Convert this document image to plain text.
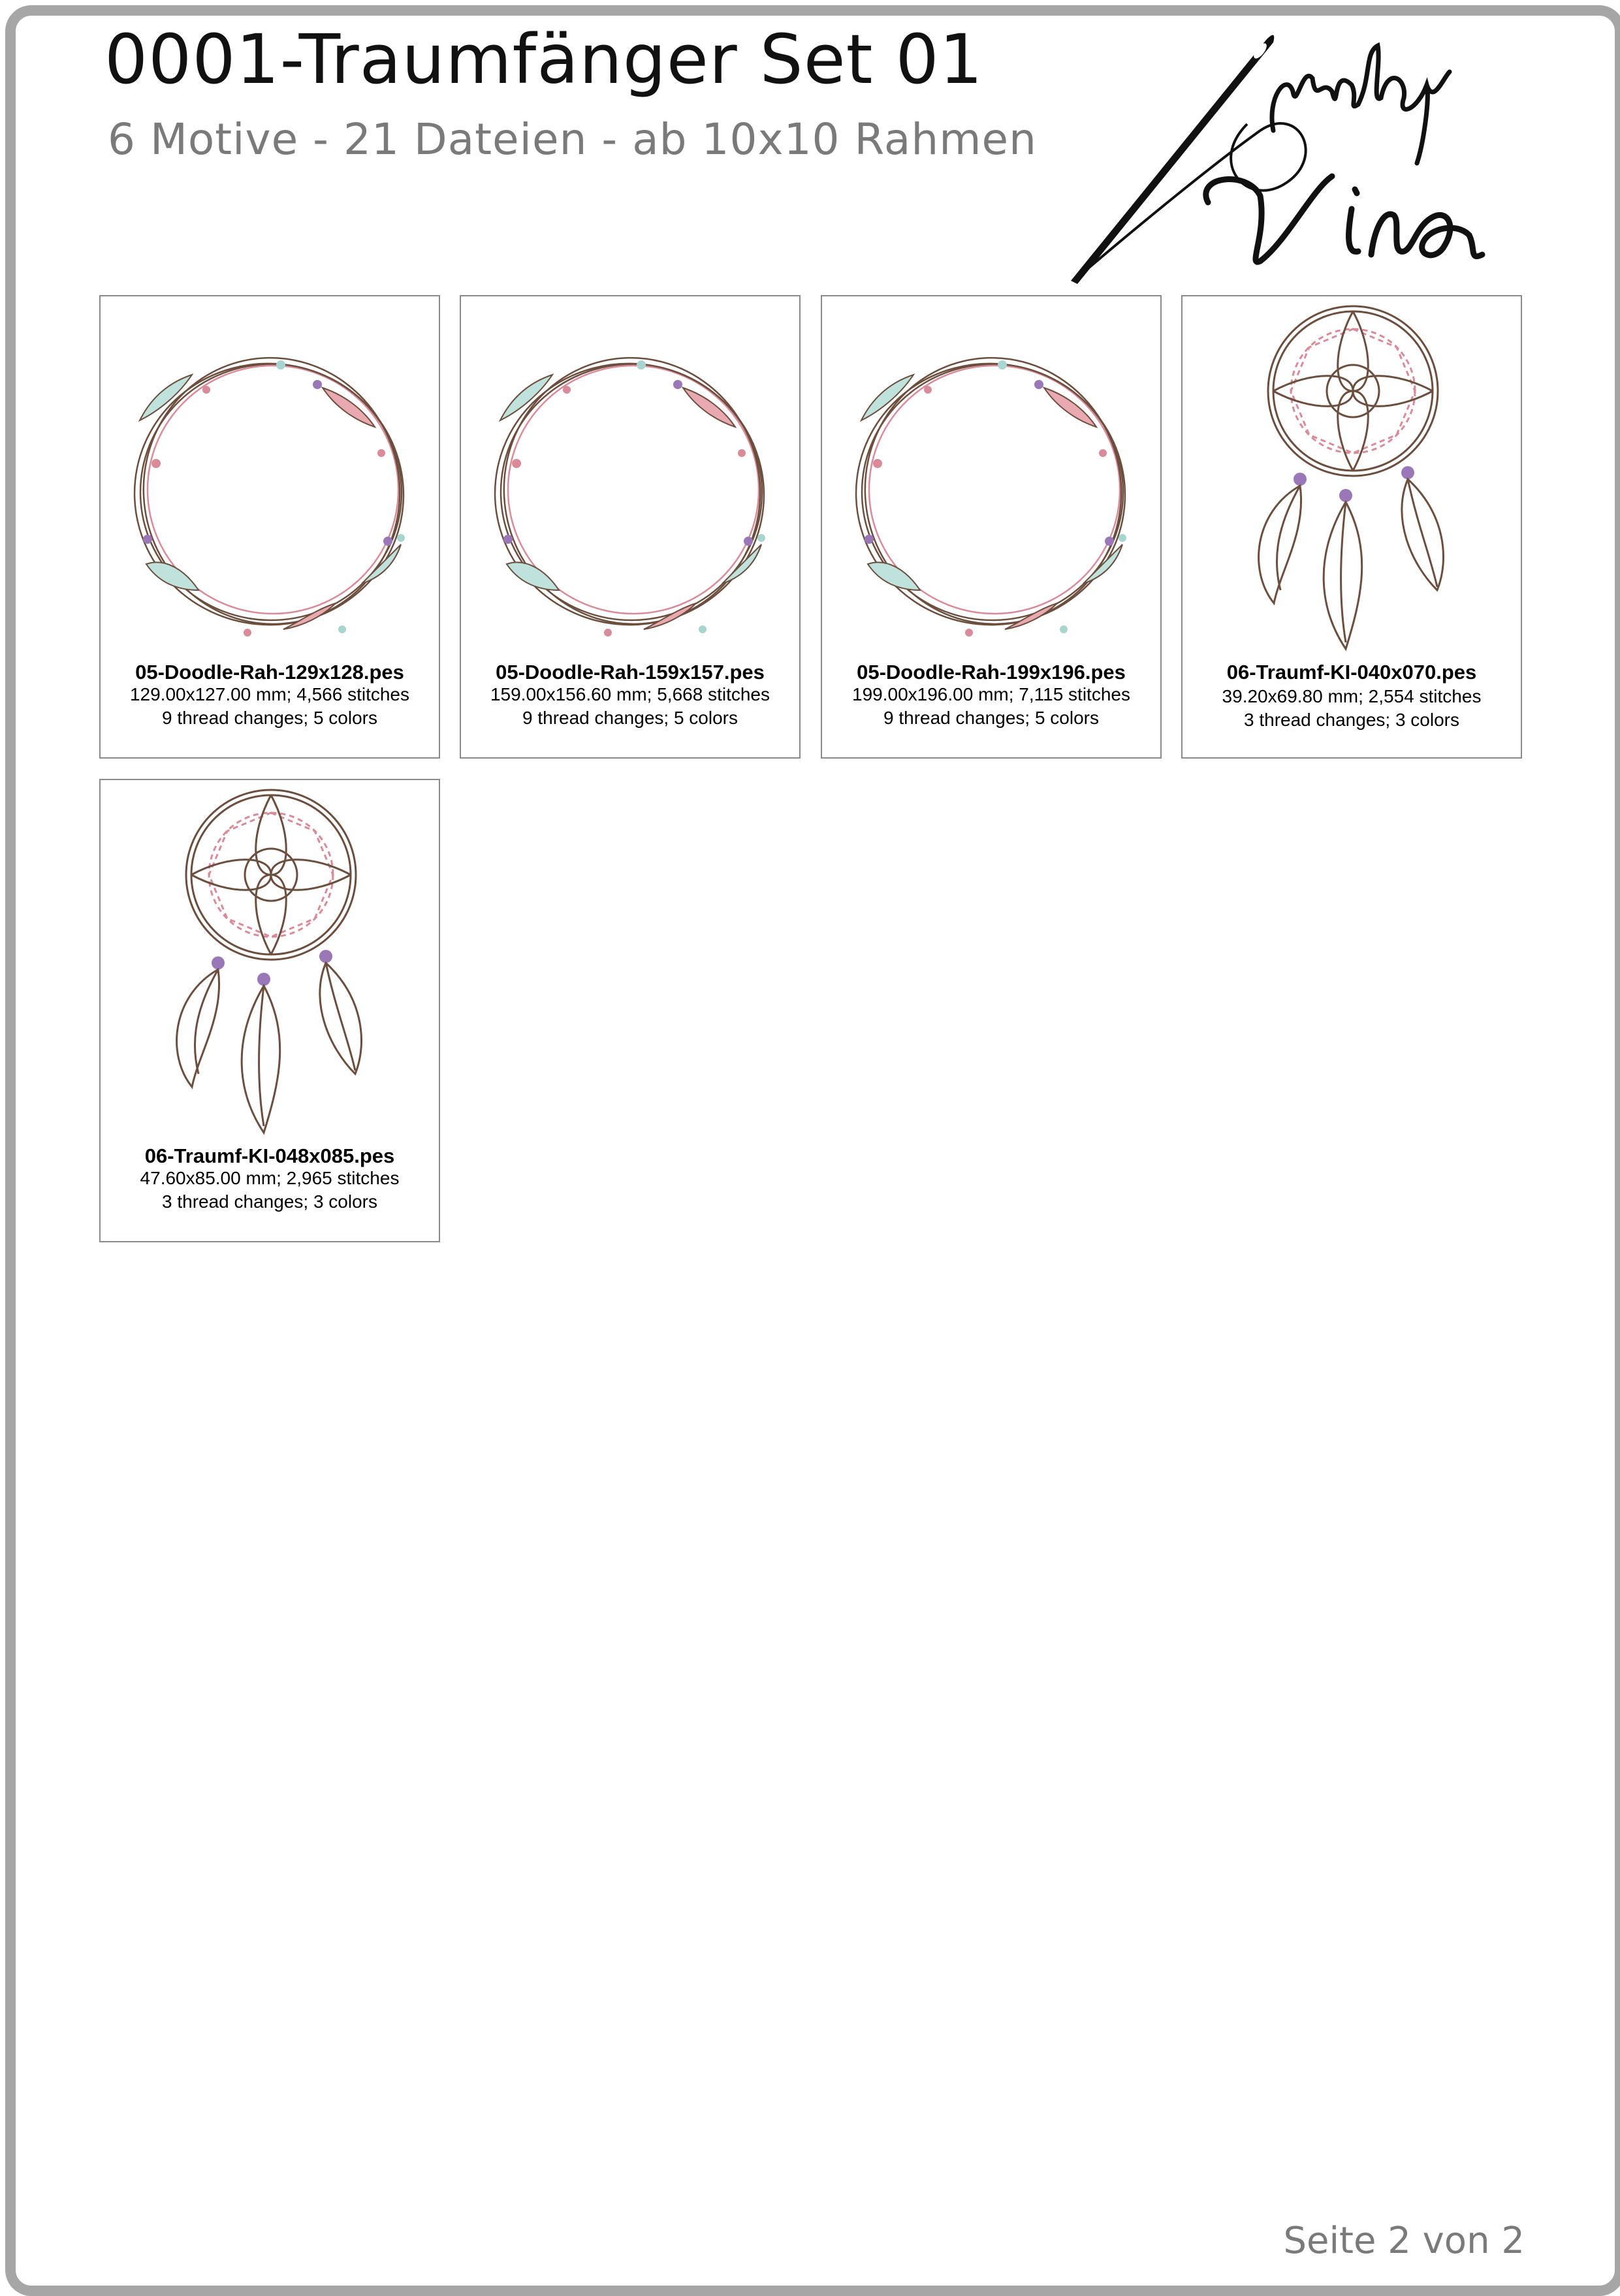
0001-Traumfänger Set 01
6 Motive - 21 Dateien - ab 10x10 Rahmen
05-Doodle-Rah-129x128.pes
129.00x127.00 mm; 4,566 stitches
9 thread changes; 5 colors
05-Doodle-Rah-159x157.pes
159.00x156.60 mm; 5,668 stitches
9 thread changes; 5 colors
05-Doodle-Rah-199x196.pes
199.00x196.00 mm; 7,115 stitches
9 thread changes; 5 colors
06-Traumf-KI-040x070.pes
39.20x69.80 mm; 2,554 stitches
3 thread changes; 3 colors
06-Traumf-KI-048x085.pes
47.60x85.00 mm; 2,965 stitches
3 thread changes; 3 colors
Seite 2 von 2
